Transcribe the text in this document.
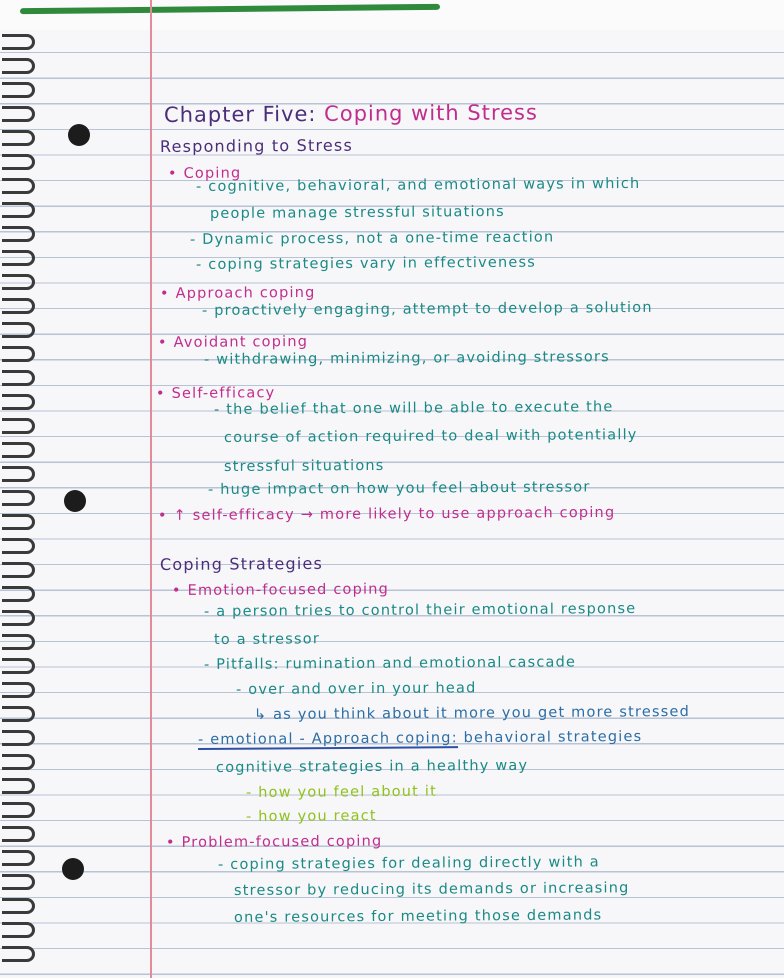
Chapter Five: Coping with Stress
Responding to Stress
• Coping
- cognitive, behavioral, and emotional ways in which
people manage stressful situations
- Dynamic process, not a one-time reaction
- coping strategies vary in effectiveness
• Approach coping
- proactively engaging, attempt to develop a solution
• Avoidant coping
- withdrawing, minimizing, or avoiding stressors
• Self-efficacy
- the belief that one will be able to execute the
course of action required to deal with potentially
stressful situations
- huge impact on how you feel about stressor
• ↑ self-efficacy → more likely to use approach coping
Coping Strategies
• Emotion-focused coping
- a person tries to control their emotional response
to a stressor
- Pitfalls: rumination and emotional cascade
- over and over in your head
↳ as you think about it more you get more stressed
- emotional - Approach coping: behavioral strategies
cognitive strategies in a healthy way
- how you feel about it
- how you react
• Problem-focused coping
- coping strategies for dealing directly with a
stressor by reducing its demands or increasing
one's resources for meeting those demands
